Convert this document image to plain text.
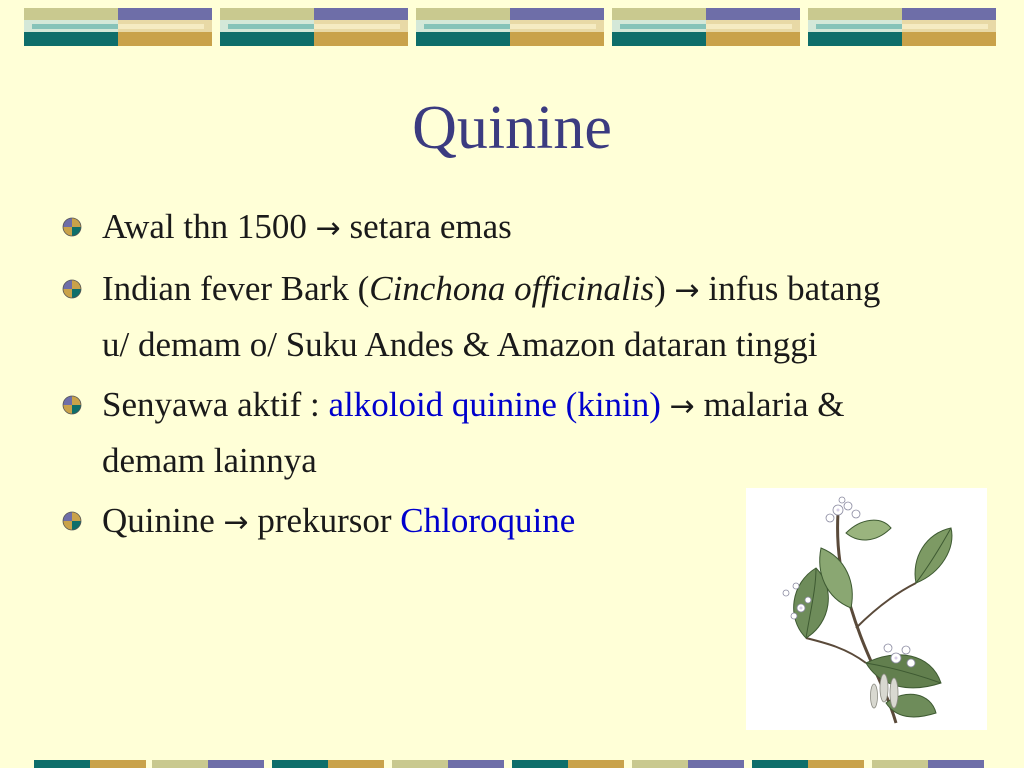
Quinine
Awal thn 1500 → setara emas
Indian fever Bark (Cinchona officinalis) → infus batang u/ demam o/ Suku Andes & Amazon dataran tinggi
Senyawa aktif : alkoloid quinine (kinin) → malaria & demam lainnya
Quinine → prekursor Chloroquine
